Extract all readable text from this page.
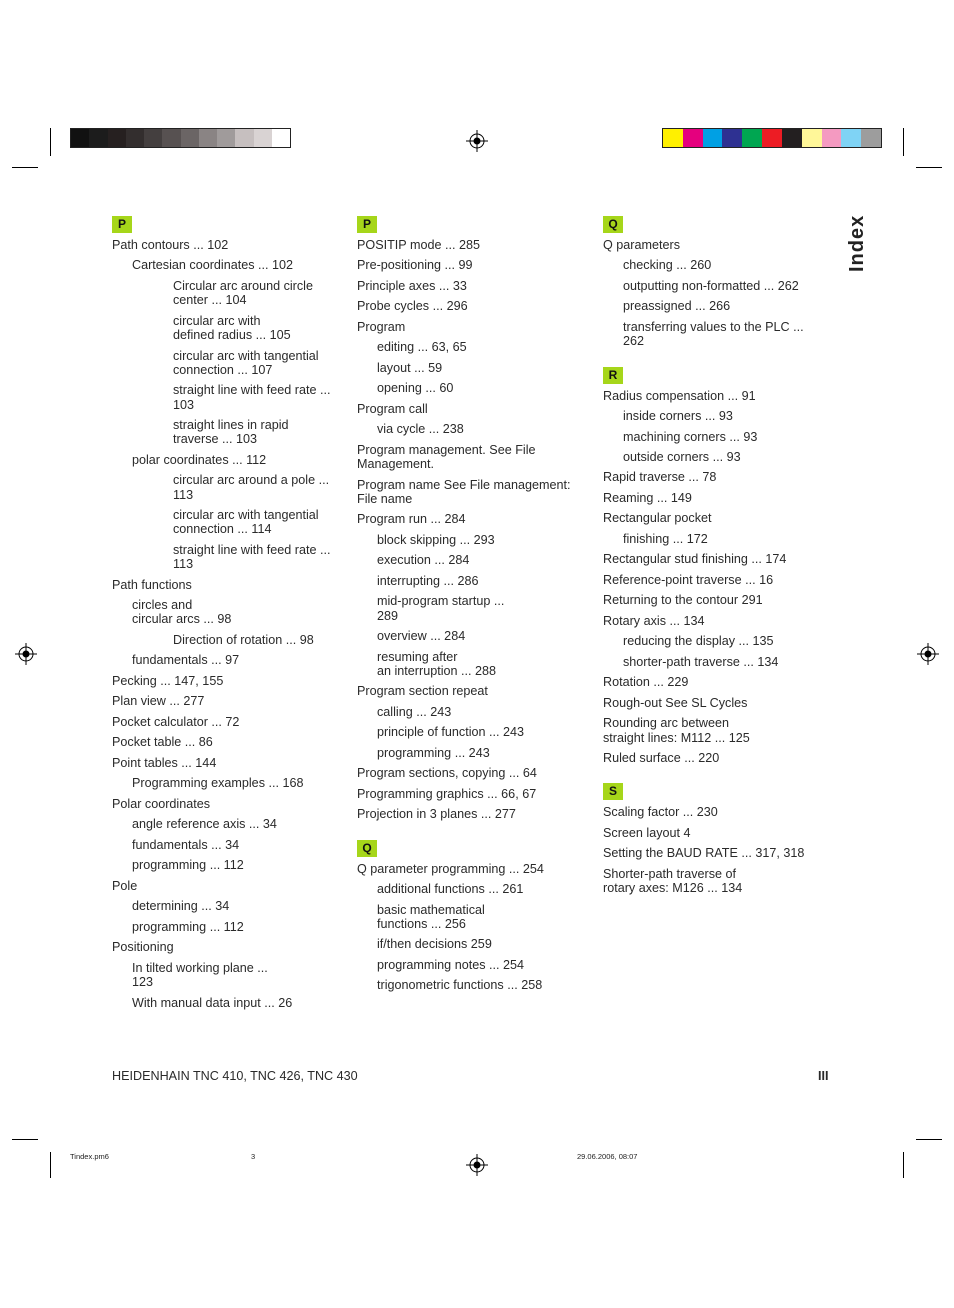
Index
P
Path contours ... 102
Cartesian coordinates ... 102
Circular arc around circle
center ... 104
circular arc with
defined radius ... 105
circular arc with tangential
connection ... 107
straight line with feed rate ...
103
straight lines in rapid
traverse ... 103
polar coordinates ... 112
circular arc around a pole ...
113
circular arc with tangential
connection ... 114
straight line with feed rate ...
113
Path functions
circles and
circular arcs ... 98
Direction of rotation ... 98
fundamentals ... 97
Pecking ... 147, 155
Plan view ... 277
Pocket calculator ... 72
Pocket table ... 86
Point tables ... 144
Programming examples ... 168
Polar coordinates
angle reference axis ... 34
fundamentals ... 34
programming ... 112
Pole
determining ... 34
programming ... 112
Positioning
In tilted working plane ...
123
With manual data input ... 26
P
POSITIP mode ... 285
Pre-positioning ... 99
Principle axes ... 33
Probe cycles ... 296
Program
editing ... 63, 65
layout ... 59
opening ... 60
Program call
via cycle ... 238
Program management. See File
Management.
Program name See File management:
File name
Program run ... 284
block skipping ... 293
execution ... 284
interrupting ... 286
mid-program startup ...
289
overview ... 284
resuming after
an interruption ... 288
Program section repeat
calling ... 243
principle of function ... 243
programming ... 243
Program sections, copying ... 64
Programming graphics ... 66, 67
Projection in 3 planes ... 277
Q
Q parameter programming ... 254
additional functions ... 261
basic mathematical
functions ... 256
if/then decisions 259
programming notes ... 254
trigonometric functions ... 258
Q
Q parameters
checking ... 260
outputting non-formatted ... 262
preassigned ... 266
transferring values to the PLC ...
262
R
Radius compensation ... 91
inside corners ... 93
machining corners ... 93
outside corners ... 93
Rapid traverse ... 78
Reaming ... 149
Rectangular pocket
finishing ... 172
Rectangular stud finishing ... 174
Reference-point traverse ... 16
Returning to the contour 291
Rotary axis ... 134
reducing the display ... 135
shorter-path traverse ... 134
Rotation ... 229
Rough-out See SL Cycles
Rounding arc between
straight lines: M112 ... 125
Ruled surface ... 220
S
Scaling factor ... 230
Screen layout 4
Setting the BAUD RATE ... 317, 318
Shorter-path traverse of
rotary axes: M126 ... 134
HEIDENHAIN TNC 410, TNC 426, TNC 430	III
Tindex.pm6	3	29.06.2006, 08:07
